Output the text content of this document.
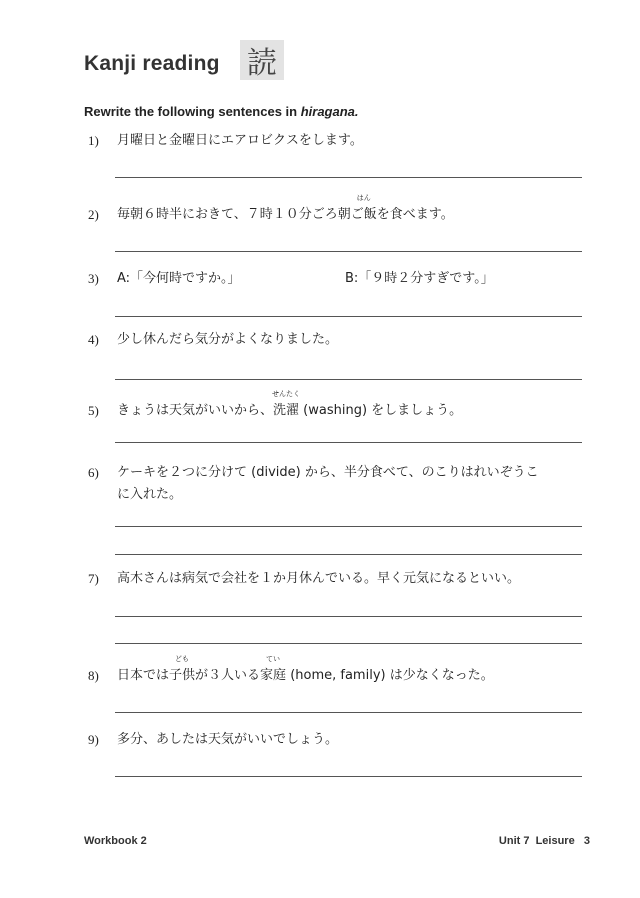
Kanji reading 読
Rewrite the following sentences in hiragana.
1)	月曜日と金曜日にエアロビクスをします。
2)	毎朝６時半におきて、７時１０分ごろ朝
はん
ご飯を食べます。
3)	A:「今何時ですか。」	B:「９時２分すぎです。」
4)	少し休んだら気分がよくなりました。
5)	きょうは天気がいいから、
せんたく
洗濯 (washing) をしましょう。
6)	ケーキを２つに分けて (divide) から、半分食べて、のこりはれいぞうこ
に入れた。
7)	高木さんは病気で会社を１か月休んでいる。早く元気になるといい。
8)	日本では
ども
子供が３人いる
てい
家庭 (home, family) は少なくなった。
9)	多分、あしたは天気がいいでしょう。
Workbook 2	Unit 7  Leisure   3
